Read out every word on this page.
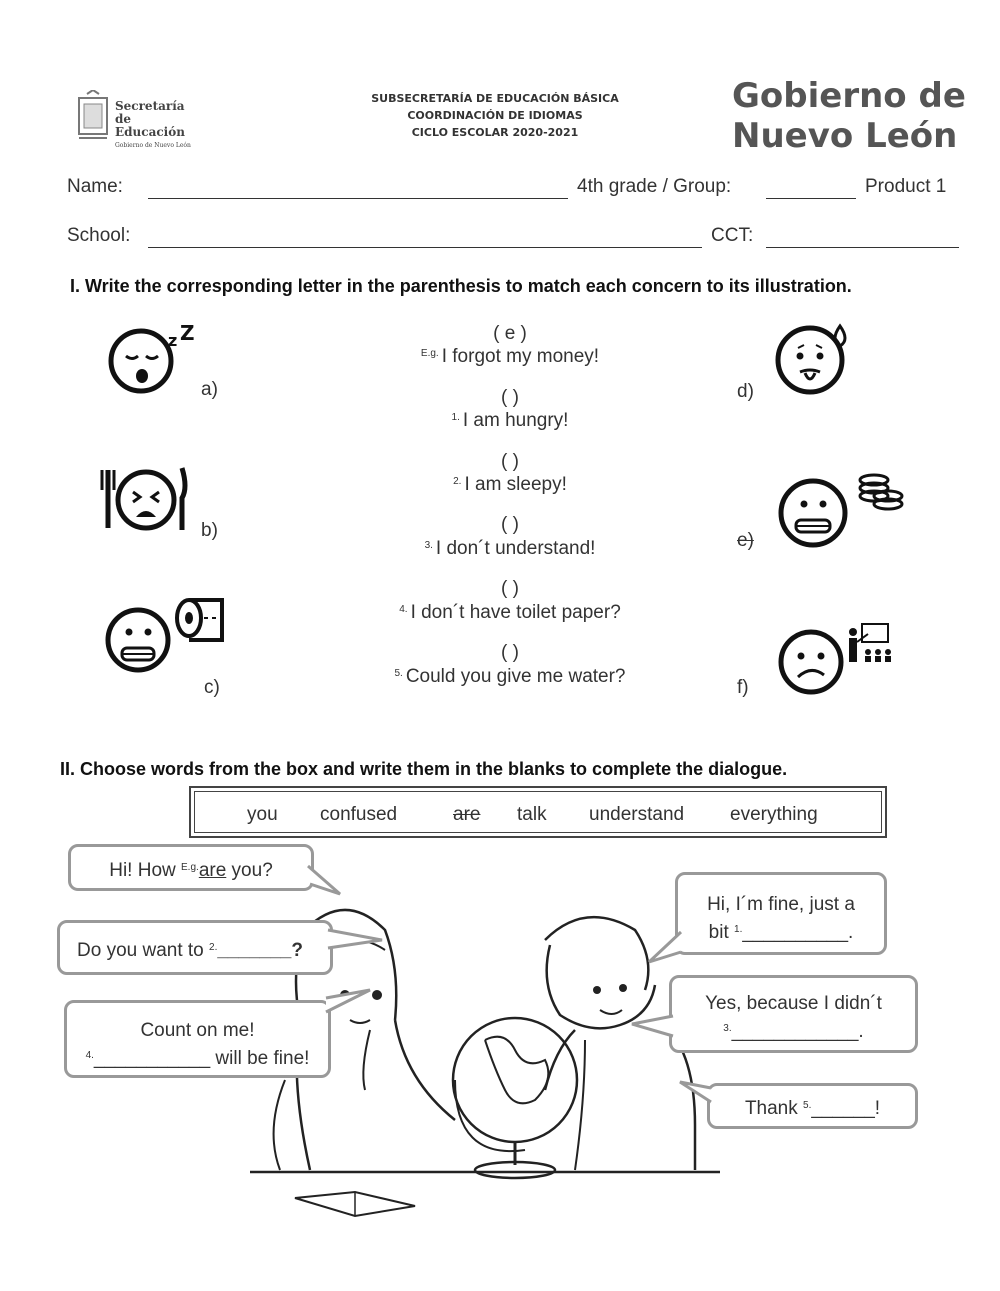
Secretaría
de Educación
Gobierno de Nuevo León
SUBSECRETARÍA DE EDUCACIÓN BÁSICA
COORDINACIÓN DE IDIOMAS
CICLO ESCOLAR 2020-2021
Gobierno de
Nuevo León
Name:	4th grade / Group:	Product 1
School:	CCT:
I. Write the corresponding letter in the parenthesis to match each concern to its illustration.
( e )
$^{E.g.}$ I forgot my money!
( )
$^{1.}$ I am hungry!
( )
$^{2.}$ I am sleepy!
( )
$^{3.}$ I don´t understand!
( )
$^{4.}$ I don´t have toilet paper?
( )
$^{5.}$ Could you give me water?
z Z
a)
b)
c)
d)
e)
f)
II. Choose words from the box and write them in the blanks to complete the dialogue.
you confused	are talk understand everything
Hi! How $^{E.g.}$are you?
Do you want to $^{2.}$_______?
Count on me!
$^{4.}$___________ will be fine!
Hi, I´m fine, just a
bit $^{1.}$__________.
Yes, because I didn´t
$^{3.}$____________.
Thank $^{5.}$______!
